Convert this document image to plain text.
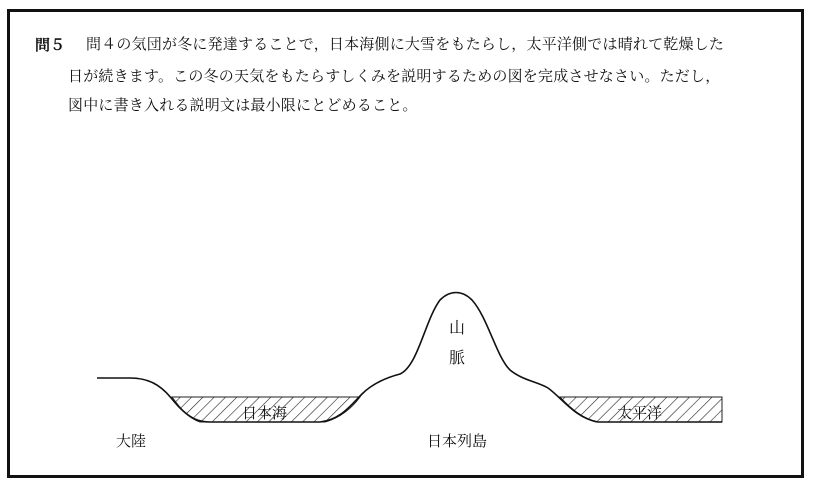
問５ 問４の気団が冬に発達することで，日本海側に大雪をもたらし，太平洋側では晴れて乾燥した
日が続きます。この冬の天気をもたらすしくみを説明するための図を完成させなさい。ただし，
図中に書き入れる説明文は最小限にとどめること。
大陸
日本海
日本列島
太平洋
山
脈
